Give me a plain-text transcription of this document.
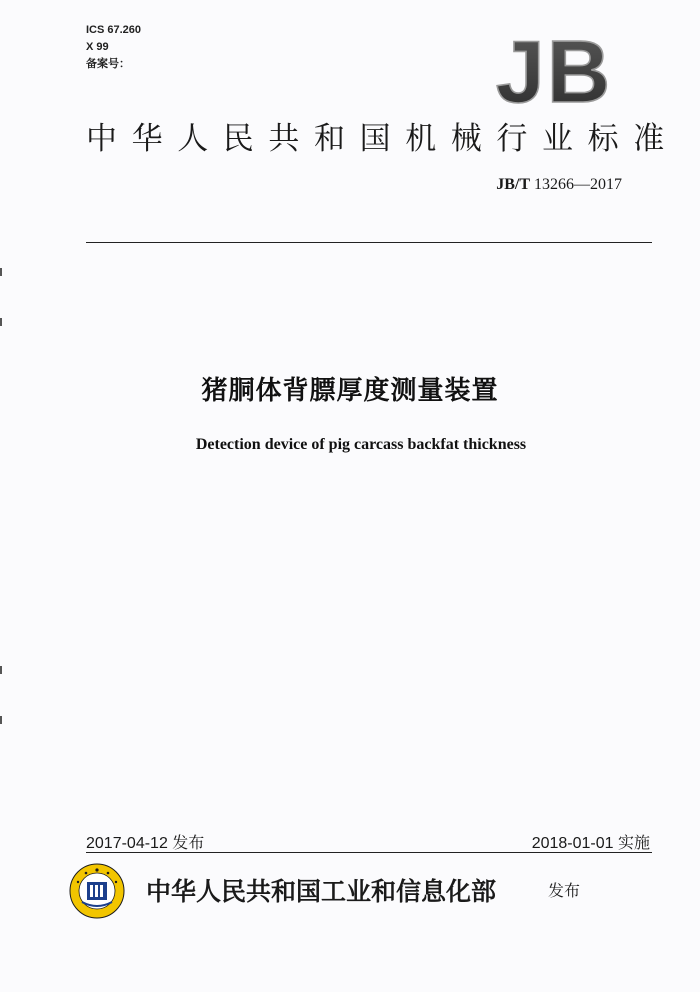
ICS 67.260
X 99
备案号：	JB
中华人民共和国机械行业标准
JB/T 13266—2017
猪胴体背膘厚度测量装置
Detection device of pig carcass backfat thickness
2017-04-12 发布	2018-01-01 实施
中华人民共和国工业和信息化部	发布
